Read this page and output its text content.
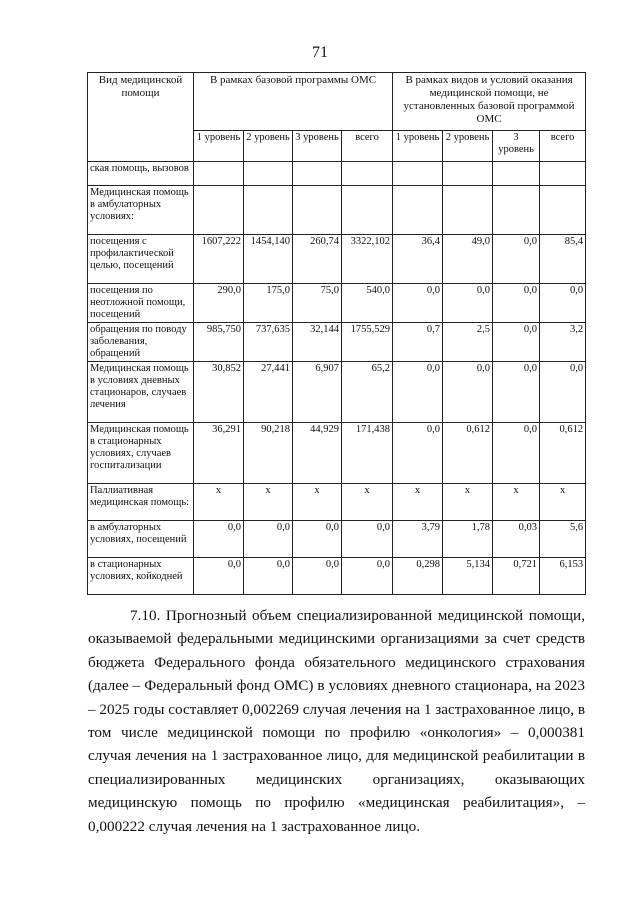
71
Вид медицинской помощи	В рамках базовой программы ОМС				В рамках видов и условий оказания медицинской помощи, не установленных базовой программой ОМС			
	1 уровень	2 уровень	3 уровень	всего	1 уровень	2 уровень	3 уровень	всего
ская помощь, вызовов								
Медицинская помощь в амбулаторных условиях:								
посещения с профилактической целью, посещений	1607,222	1454,140	260,74	3322,102	36,4	49,0	0,0	85,4
посещения по неотложной помощи, посещений	290,0	175,0	75,0	540,0	0,0	0,0	0,0	0,0
обращения по поводу заболевания, обращений	985,750	737,635	32,144	1755,529	0,7	2,5	0,0	3,2
Медицинская помощь в условиях дневных стационаров, случаев лечения	30,852	27,441	6,907	65,2	0,0	0,0	0,0	0,0
Медицинская помощь в стационарных условиях, случаев госпитализации	36,291	90,218	44,929	171,438	0,0	0,612	0,0	0,612
Паллиативная медицинская помощь:	x	x	x	x	x	x	x	x
в амбулаторных условиях, посещений	0,0	0,0	0,0	0,0	3,79	1,78	0,03	5,6
в стационарных условиях, койкодней	0,0	0,0	0,0	0,0	0,298	5,134	0,721	6,153

7.10. Прогнозный объем специализированной медицинской помощи, оказываемой федеральными медицинскими организациями за счет средств бюджета Федерального фонда обязательного медицинского страхования (далее – Федеральный фонд ОМС) в условиях дневного стационара, на 2023 – 2025 годы составляет 0,002269 случая лечения на 1 застрахованное лицо, в том числе медицинской помощи по профилю «онкология» – 0,000381 случая лечения на 1 застрахованное лицо, для медицинской реабилитации в специализированных медицинских организациях, оказывающих медицинскую помощь по профилю «медицинская реабилитация», – 0,000222 случая лечения на 1 застрахованное лицо.
